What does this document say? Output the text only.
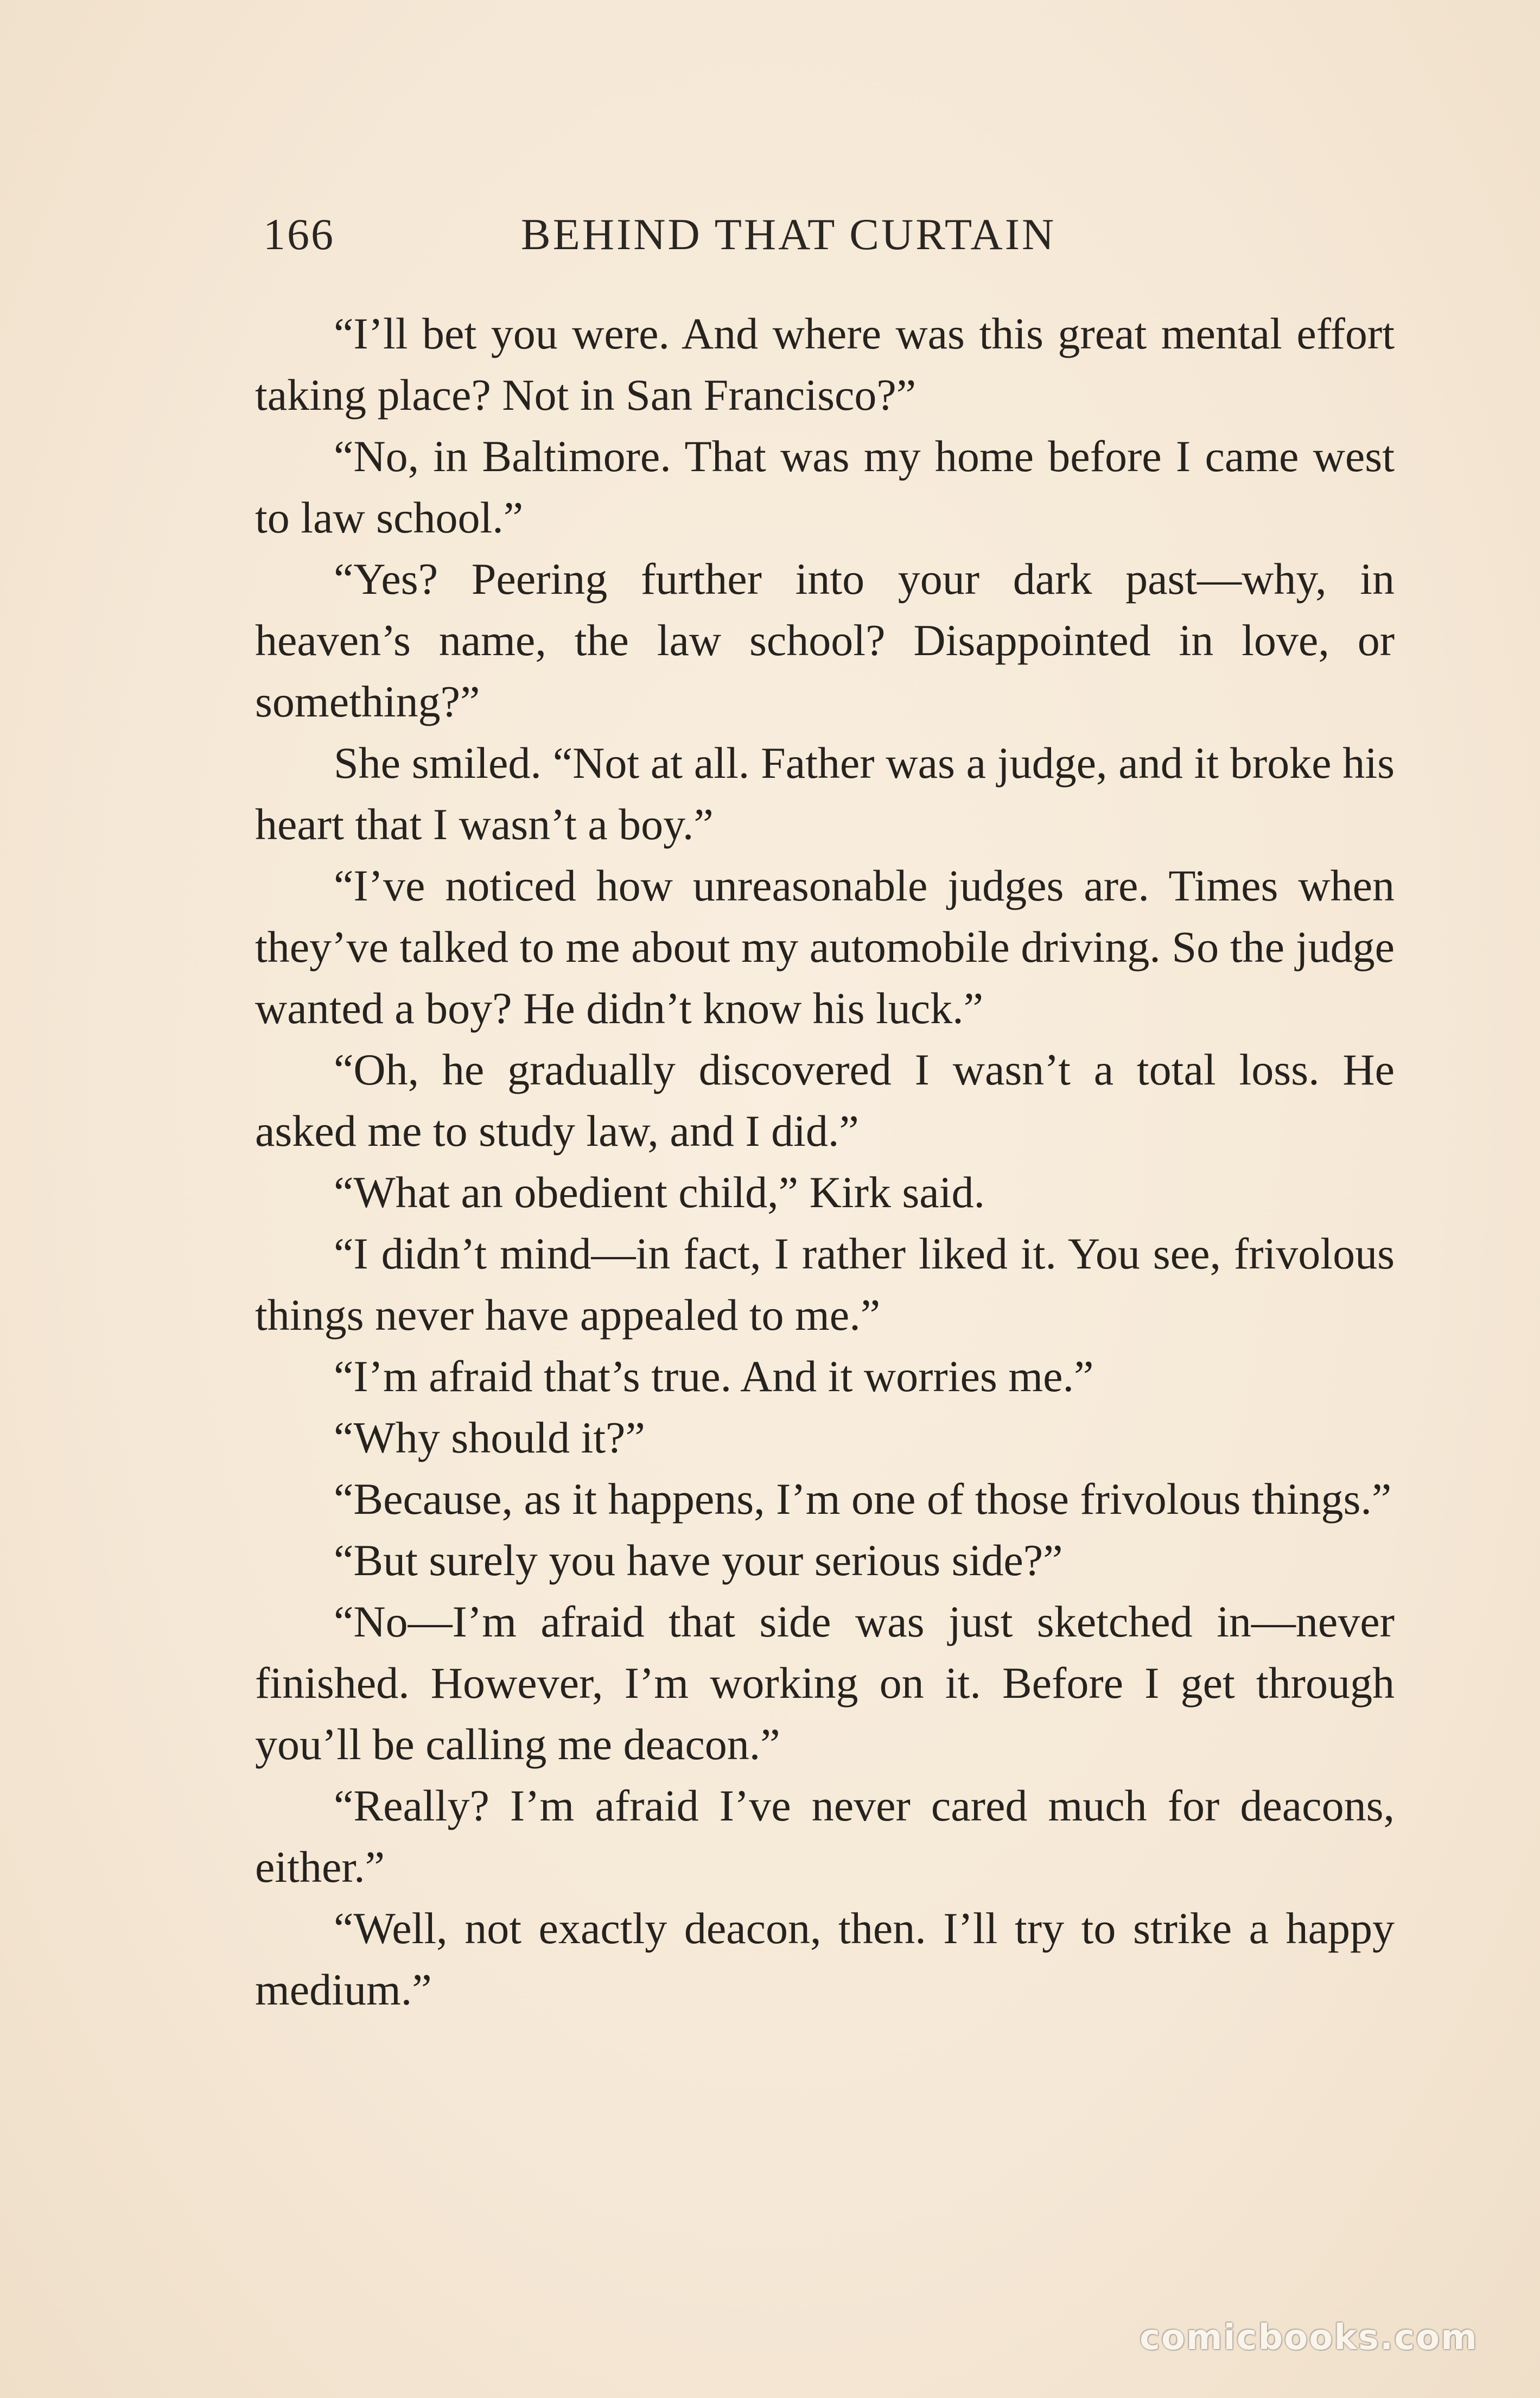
166	BEHIND THAT CURTAIN

“I’ll bet you were. And where was this great mental effort taking place? Not in San Francisco?”

“No, in Baltimore. That was my home before I came west to law school.”

“Yes? Peering further into your dark past—why, in heaven’s name, the law school? Disappointed in love, or something?”

She smiled. “Not at all. Father was a judge, and it broke his heart that I wasn’t a boy.”

“I’ve noticed how unreasonable judges are. Times when they’ve talked to me about my automobile driving. So the judge wanted a boy? He didn’t know his luck.”

“Oh, he gradually discovered I wasn’t a total loss. He asked me to study law, and I did.”

“What an obedient child,” Kirk said.

“I didn’t mind—in fact, I rather liked it. You see, frivolous things never have appealed to me.”

“I’m afraid that’s true. And it worries me.”

“Why should it?”

“Because, as it happens, I’m one of those frivolous things.”

“But surely you have your serious side?”

“No—I’m afraid that side was just sketched in—never finished. However, I’m working on it. Before I get through you’ll be calling me deacon.”

“Really? I’m afraid I’ve never cared much for deacons, either.”

“Well, not exactly deacon, then. I’ll try to strike a happy medium.”

comicbooks.com
